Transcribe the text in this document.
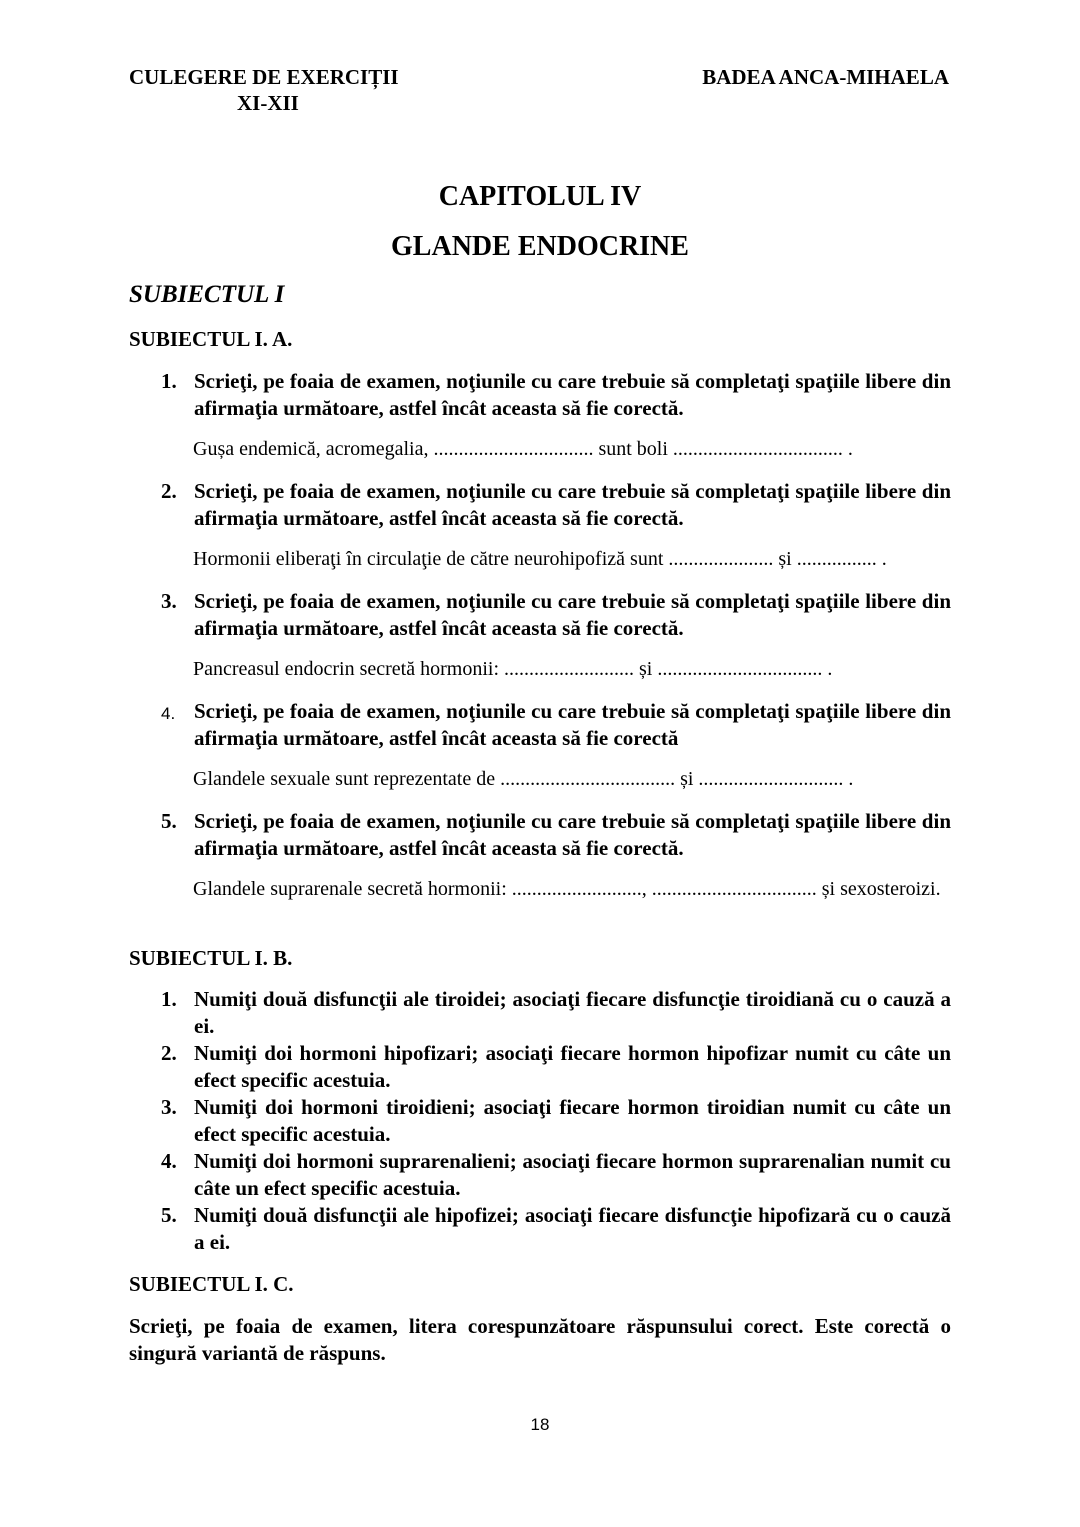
CULEGERE DE EXERCIȚII
XI-XII
BADEA ANCA-MIHAELA
CAPITOLUL IV
GLANDE ENDOCRINE
SUBIECTUL I
SUBIECTUL I. A.
1. Scrieţi, pe foaia de examen, noţiunile cu care trebuie să completaţi spaţiile libere din afirmaţia următoare, astfel încât aceasta să fie corectă.
Gușa endemică, acromegalia, ................................ sunt boli .................................. .
2. Scrieţi, pe foaia de examen, noţiunile cu care trebuie să completaţi spaţiile libere din afirmaţia următoare, astfel încât aceasta să fie corectă.
Hormonii eliberaţi în circulaţie de către neurohipofiză sunt ..................... și ................ .
3. Scrieţi, pe foaia de examen, noţiunile cu care trebuie să completaţi spaţiile libere din afirmaţia următoare, astfel încât aceasta să fie corectă.
Pancreasul endocrin secretă hormonii: .......................... și ................................. .
4. Scrieţi, pe foaia de examen, noţiunile cu care trebuie să completaţi spaţiile libere din afirmaţia următoare, astfel încât aceasta să fie corectă
Glandele sexuale sunt reprezentate de ................................... și ............................. .
5. Scrieţi, pe foaia de examen, noţiunile cu care trebuie să completaţi spaţiile libere din afirmaţia următoare, astfel încât aceasta să fie corectă.
Glandele suprarenale secretă hormonii: .........................., ................................. și sexosteroizi.
SUBIECTUL I. B.
1. Numiţi două disfuncţii ale tiroidei; asociaţi fiecare disfuncţie tiroidiană cu o cauză a ei.
2. Numiţi doi hormoni hipofizari; asociaţi fiecare hormon hipofizar numit cu câte un efect specific acestuia.
3. Numiţi doi hormoni tiroidieni; asociaţi fiecare hormon tiroidian numit cu câte un efect specific acestuia.
4. Numiţi doi hormoni suprarenalieni; asociaţi fiecare hormon suprarenalian numit cu câte un efect specific acestuia.
5. Numiţi două disfuncţii ale hipofizei; asociaţi fiecare disfuncţie hipofizară cu o cauză a ei.
SUBIECTUL I. C.
Scrieţi, pe foaia de examen, litera corespunzătoare răspunsului corect. Este corectă o singură variantă de răspuns.
18
